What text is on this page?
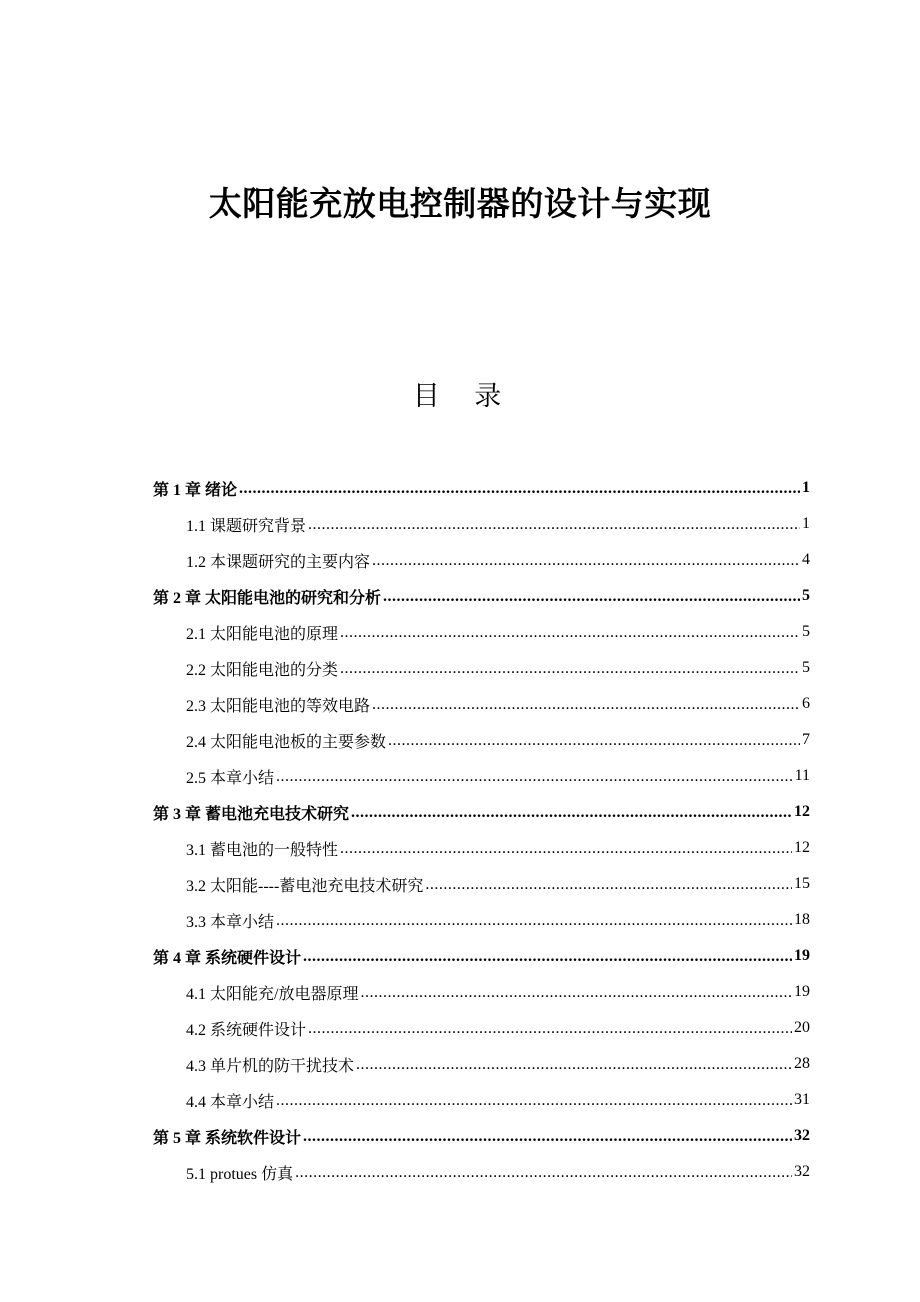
太阳能充放电控制器的设计与实现
目 录
第 1 章 绪论 .....	1
1.1 课题研究背景 .....	1
1.2 本课题研究的主要内容 .....	4
第 2 章 太阳能电池的研究和分析 .....	5
2.1 太阳能电池的原理 .....	5
2.2 太阳能电池的分类 .....	5
2.3 太阳能电池的等效电路 .....	6
2.4 太阳能电池板的主要参数 .....	7
2.5 本章小结 .....	11
第 3 章 蓄电池充电技术研究 .....	12
3.1 蓄电池的一般特性 .....	12
3.2 太阳能----蓄电池充电技术研究 .....	15
3.3 本章小结 .....	18
第 4 章 系统硬件设计 .....	19
4.1 太阳能充/放电器原理 .....	19
4.2 系统硬件设计 .....	20
4.3 单片机的防干扰技术 .....	28
4.4 本章小结 .....	31
第 5 章 系统软件设计 .....	32
5.1 protues 仿真 .....	32
